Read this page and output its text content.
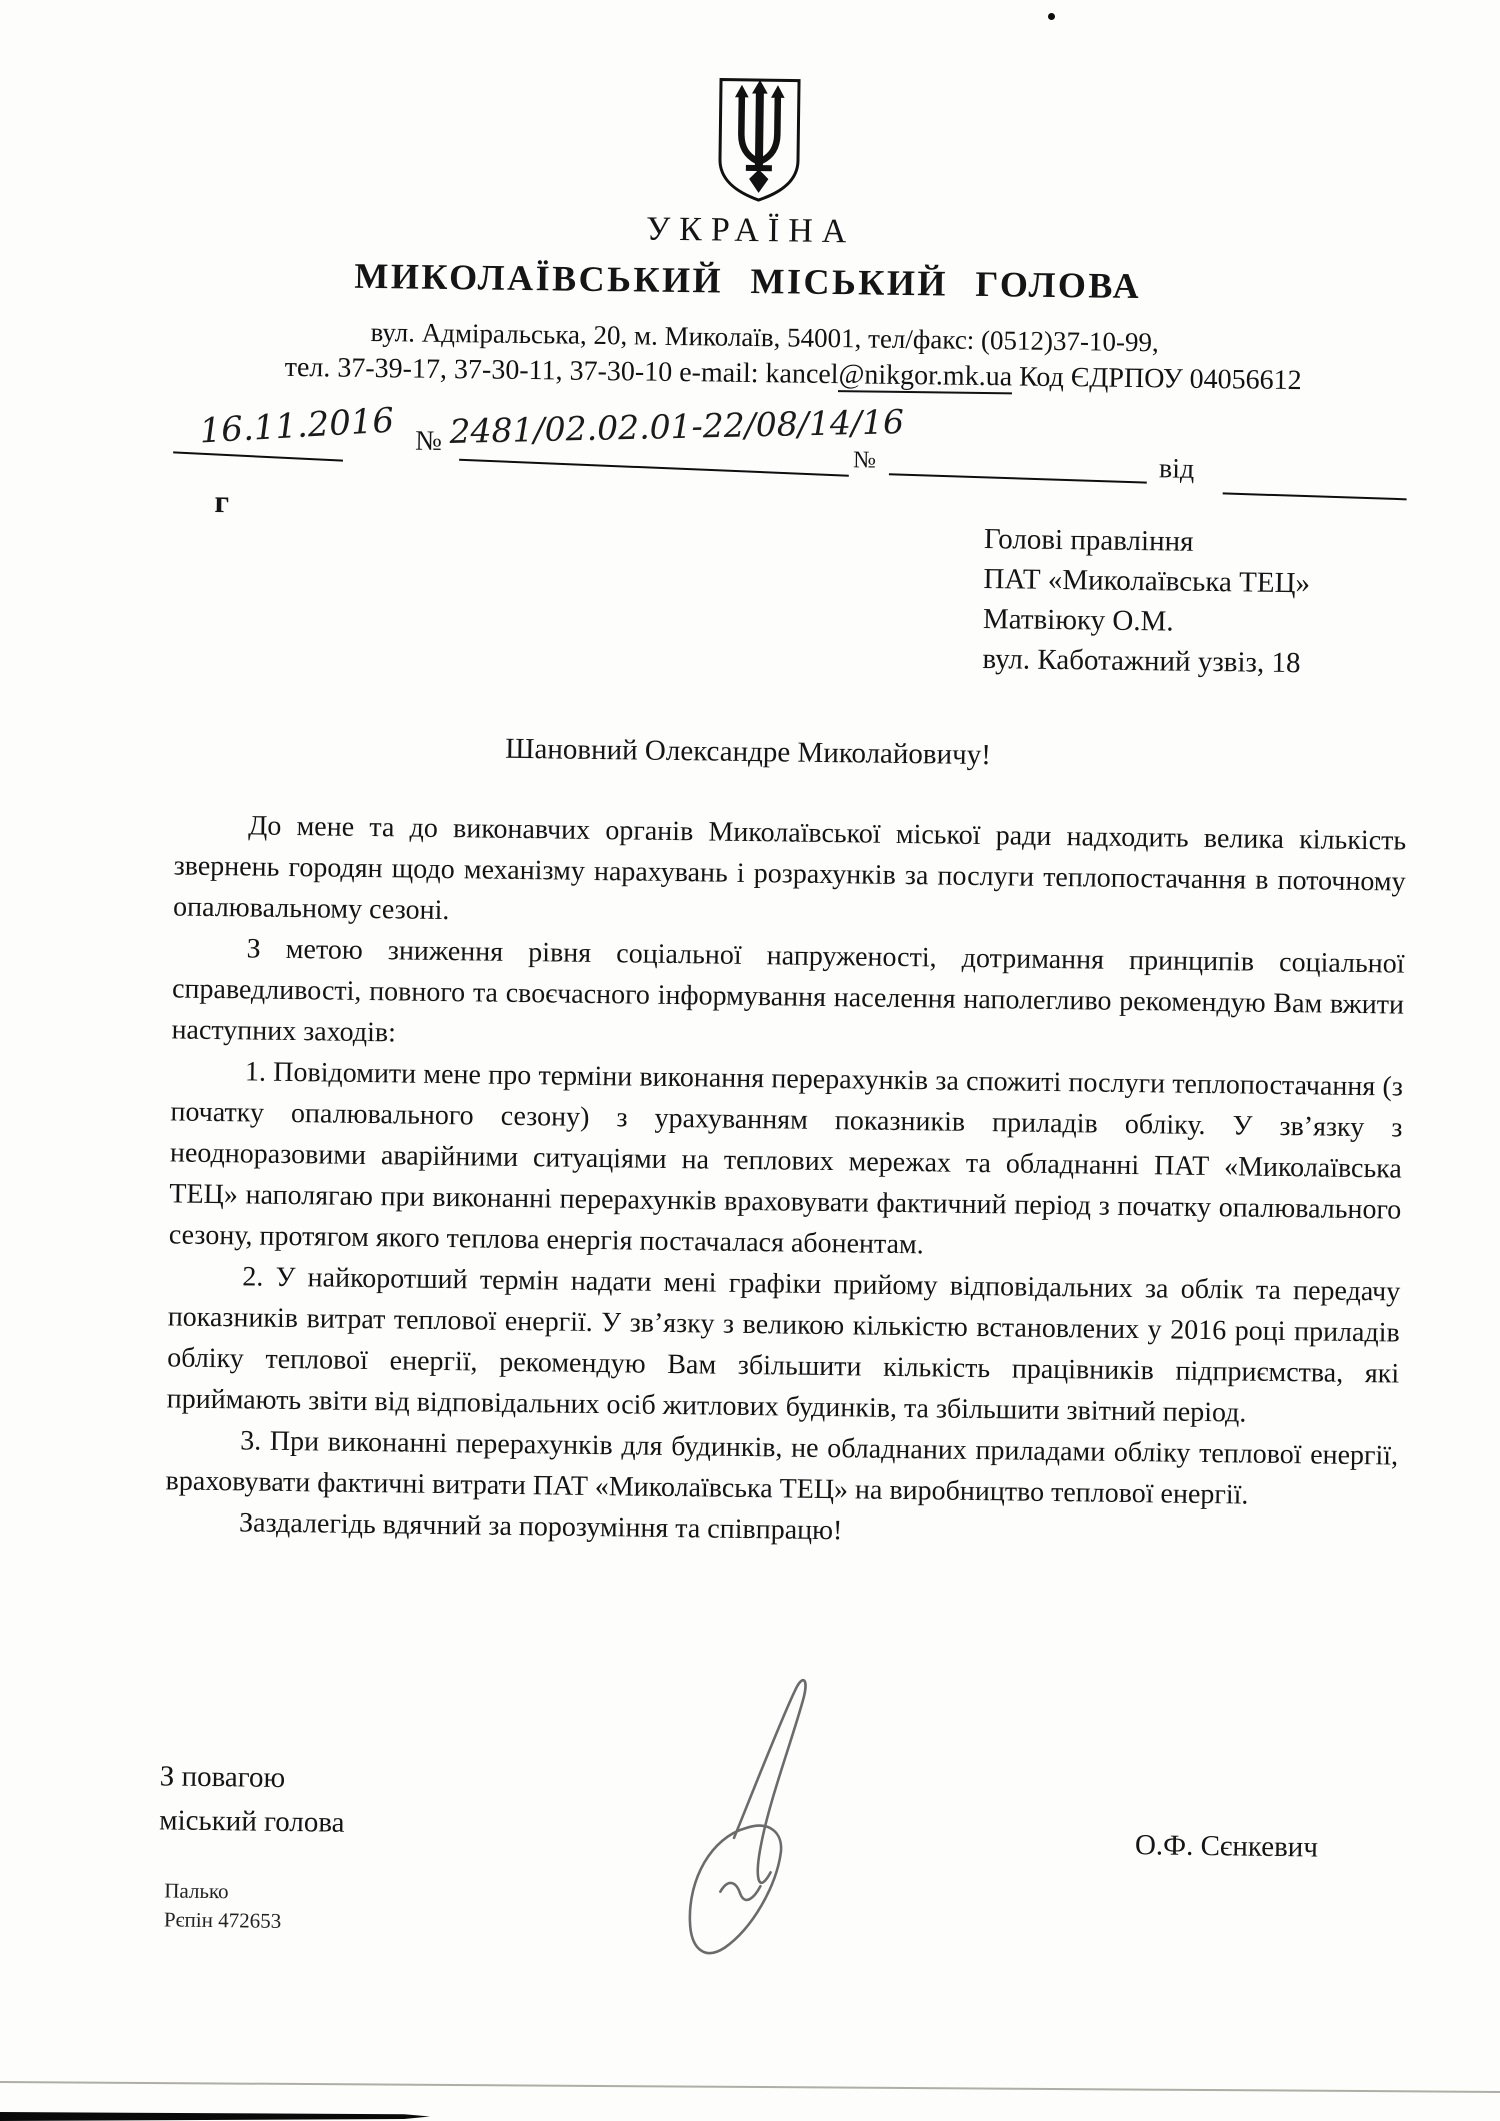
УКРАЇНА
МИКОЛАЇВСЬКИЙ МІСЬКИЙ ГОЛОВА
вул. Адміральська, 20, м. Миколаїв, 54001, тел/факс: (0512)37-10-99,
тел. 37-39-17, 37-30-11, 37-30-10 e-mail: kancel@nikgor.mk.ua Код ЄДРПОУ 04056612
16.11.2016 № 2481/02.02.01-22/08/14/16
№	від
г
Голові правління
ПАТ «Миколаївська ТЕЦ»
Матвіюку О.М.
вул. Каботажний узвіз, 18
Шановний Олександре Миколайовичу!

До мене та до виконавчих органів Миколаївської міської ради надходить велика кількість звернень городян щодо механізму нарахувань і розрахунків за послуги теплопостачання в поточному опалювальному сезоні.

З метою зниження рівня соціальної напруженості, дотримання принципів соціальної справедливості, повного та своєчасного інформування населення наполегливо рекомендую Вам вжити наступних заходів:

1. Повідомити мене про терміни виконання перерахунків за спожиті послуги теплопостачання (з початку опалювального сезону) з урахуванням показників приладів обліку. У зв’язку з неодноразовими аварійними ситуаціями на теплових мережах та обладнанні ПАТ «Миколаївська ТЕЦ» наполягаю при виконанні перерахунків враховувати фактичний період з початку опалювального сезону, протягом якого теплова енергія постачалася абонентам.

2. У найкоротший термін надати мені графіки прийому відповідальних за облік та передачу показників витрат теплової енергії. У зв’язку з великою кількістю встановлених у 2016 році приладів обліку теплової енергії, рекомендую Вам збільшити кількість працівників підприємства, які приймають звіти від відповідальних осіб житлових будинків, та збільшити звітний період.

3. При виконанні перерахунків для будинків, не обладнаних приладами обліку теплової енергії, враховувати фактичні витрати ПАТ «Миколаївська ТЕЦ» на виробництво теплової енергії.

Заздалегідь вдячний за порозуміння та співпрацю!

З повагою
міський голова
О.Ф. Сєнкевич
Палько
Рєпін 472653
